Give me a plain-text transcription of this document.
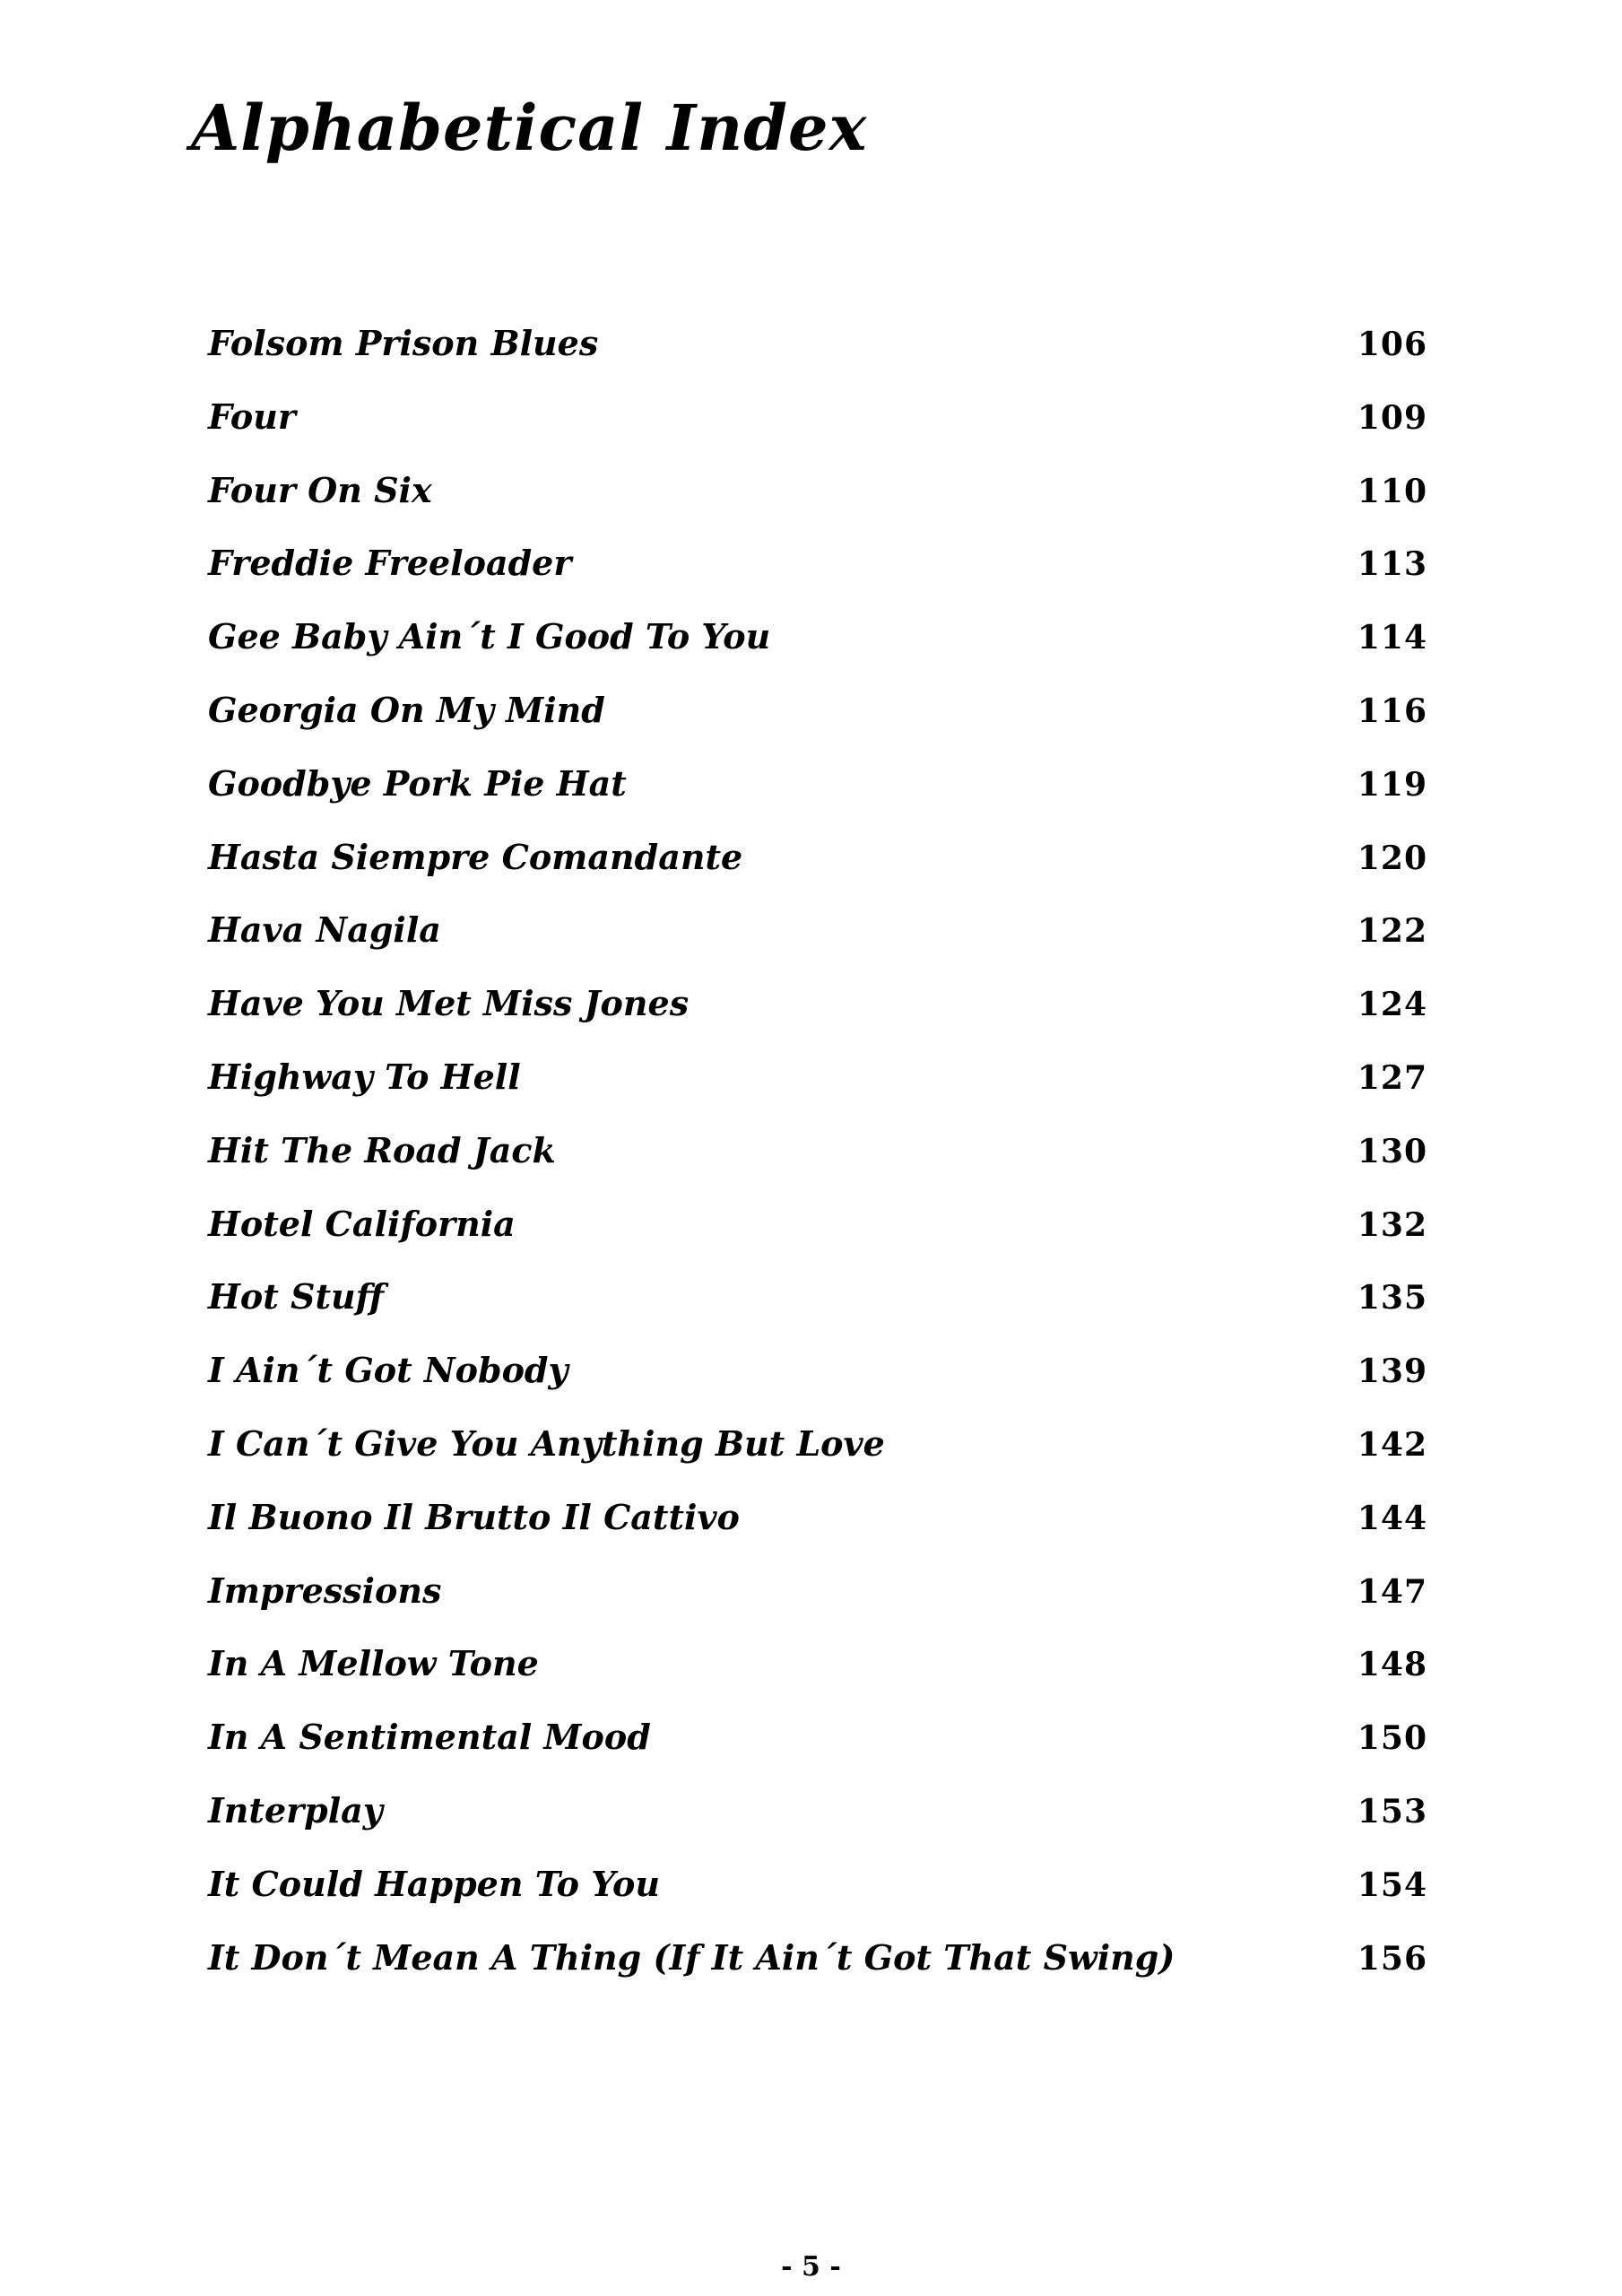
Alphabetical Index
Folsom Prison Blues	106
Four	109
Four On Six	110
Freddie Freeloader	113
Gee Baby Ain´t I Good To You	114
Georgia On My Mind	116
Goodbye Pork Pie Hat	119
Hasta Siempre Comandante	120
Hava Nagila	122
Have You Met Miss Jones	124
Highway To Hell	127
Hit The Road Jack	130
Hotel California	132
Hot Stuff	135
I Ain´t Got Nobody	139
I Can´t Give You Anything But Love	142
Il Buono Il Brutto Il Cattivo	144
Impressions	147
In A Mellow Tone	148
In A Sentimental Mood	150
Interplay	153
It Could Happen To You	154
It Don´t Mean A Thing (If It Ain´t Got That Swing)	156
- 5 -
